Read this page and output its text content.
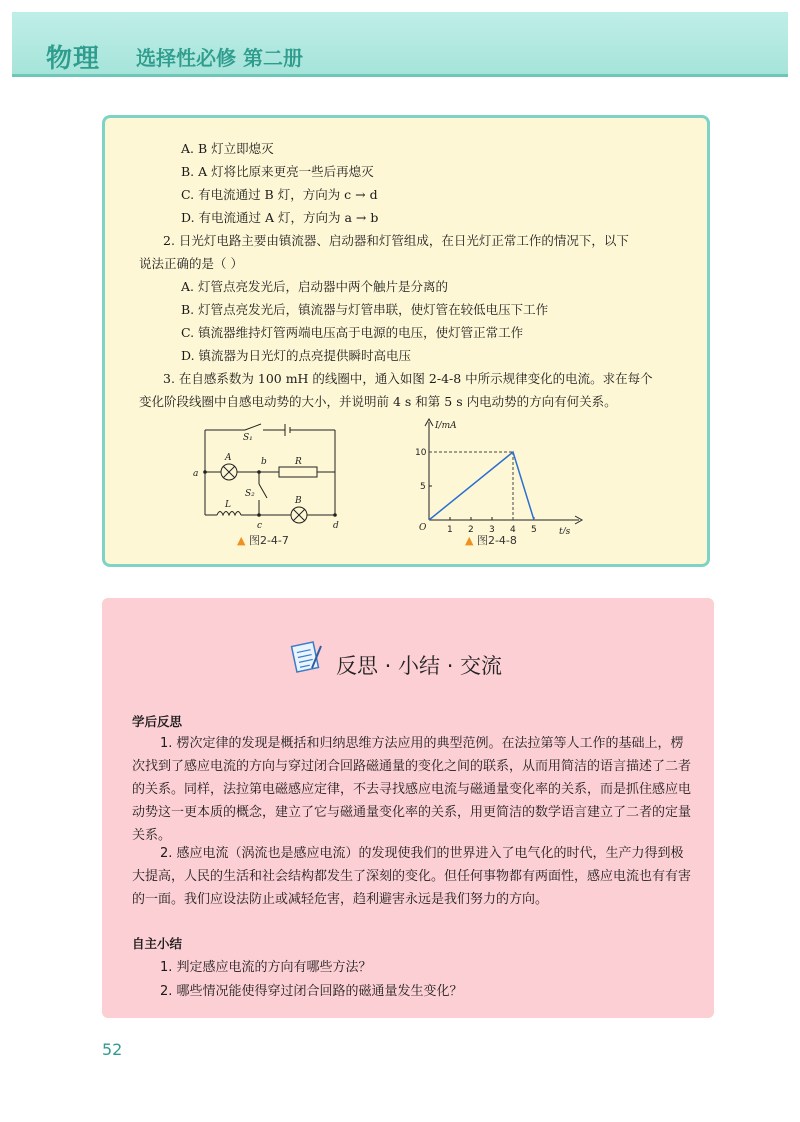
物理 选择性必修 第二册
A. B 灯立即熄灭
B. A 灯将比原来更亮一些后再熄灭
C. 有电流通过 B 灯，方向为 c → d
D. 有电流通过 A 灯，方向为 a → b
2. 日光灯电路主要由镇流器、启动器和灯管组成，在日光灯正常工作的情况下，以下
说法正确的是（ ）
A. 灯管点亮发光后，启动器中两个触片是分离的
B. 灯管点亮发光后，镇流器与灯管串联，使灯管在较低电压下工作
C. 镇流器维持灯管两端电压高于电源的电压，使灯管正常工作
D. 镇流器为日光灯的点亮提供瞬时高电压
3. 在自感系数为 100 mH 的线圈中，通入如图 2-4-8 中所示规律变化的电流。求在每个
变化阶段线圈中自感电动势的大小，并说明前 4 s 和第 5 s 内电动势的方向有何关系。
S₁
A	b	R
a
S₂
L	B
c	d
▲ 图2-4-7
5
10
1 2 3 4 5
I/mA
t/s
O
▲ 图2-4-8
反思 · 小结 · 交流
学后反思
1. 楞次定律的发现是概括和归纳思维方法应用的典型范例。在法拉第等人工作的基础上，楞次找到了感应电流的方向与穿过闭合回路磁通量的变化之间的联系，从而用简洁的语言描述了二者的关系。同样，法拉第电磁感应定律，不去寻找感应电流与磁通量变化率的关系，而是抓住感应电动势这一更本质的概念，建立了它与磁通量变化率的关系，用更简洁的数学语言建立了二者的定量关系。
2. 感应电流（涡流也是感应电流）的发现使我们的世界进入了电气化的时代，生产力得到极大提高，人民的生活和社会结构都发生了深刻的变化。但任何事物都有两面性，感应电流也有有害的一面。我们应设法防止或减轻危害，趋利避害永远是我们努力的方向。
自主小结
1. 判定感应电流的方向有哪些方法？
2. 哪些情况能使得穿过闭合回路的磁通量发生变化？
52
